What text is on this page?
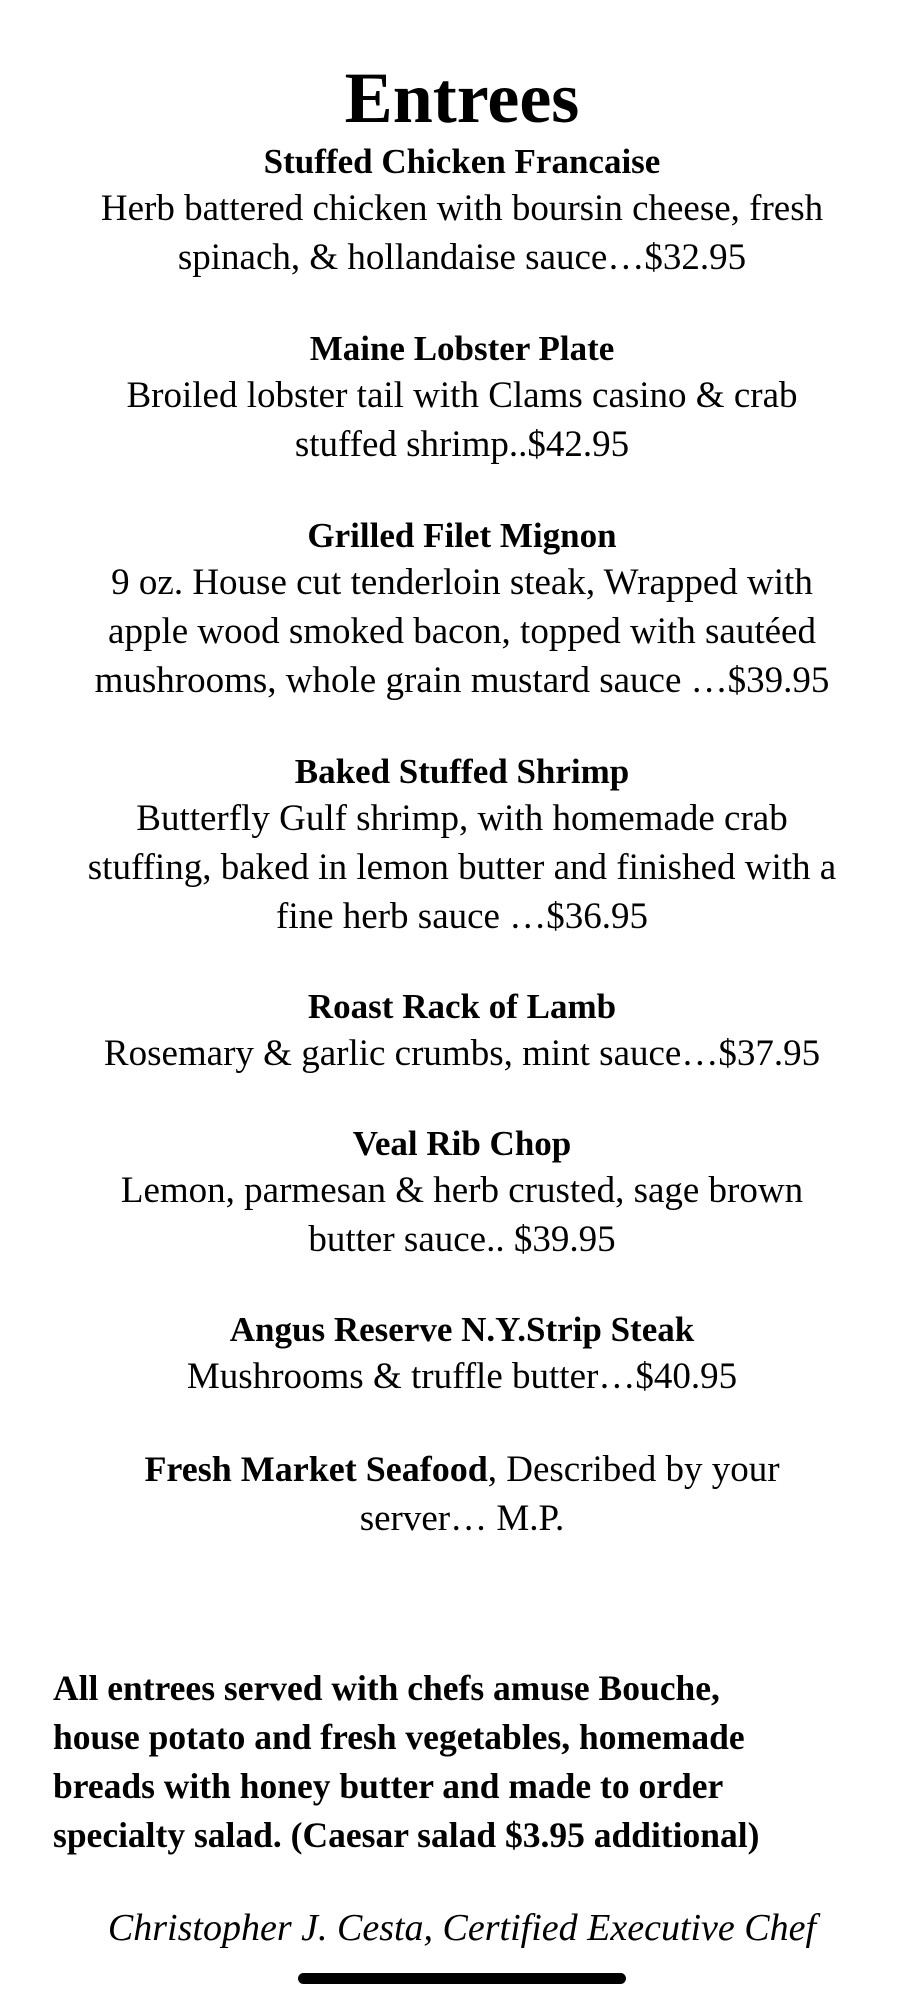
Entrees
Stuffed Chicken Francaise
Herb battered chicken with boursin cheese, fresh
spinach, & hollandaise sauce…$32.95
Maine Lobster Plate
Broiled lobster tail with Clams casino & crab
stuffed shrimp..$42.95
Grilled Filet Mignon
9 oz. House cut tenderloin steak, Wrapped with
apple wood smoked bacon, topped with sautéed
mushrooms, whole grain mustard sauce …$39.95
Baked Stuffed Shrimp
Butterfly Gulf shrimp, with homemade crab
stuffing, baked in lemon butter and finished with a
fine herb sauce …$36.95
Roast Rack of Lamb
Rosemary & garlic crumbs, mint sauce…$37.95
Veal Rib Chop
Lemon, parmesan & herb crusted, sage brown
butter sauce.. $39.95
Angus Reserve N.Y.Strip Steak
Mushrooms & truffle butter…$40.95
Fresh Market Seafood, Described by your
server… M.P.
All entrees served with chefs amuse Bouche,
house potato and fresh vegetables, homemade
breads with honey butter and made to order
specialty salad. (Caesar salad $3.95 additional)
Christopher J. Cesta, Certified Executive Chef
